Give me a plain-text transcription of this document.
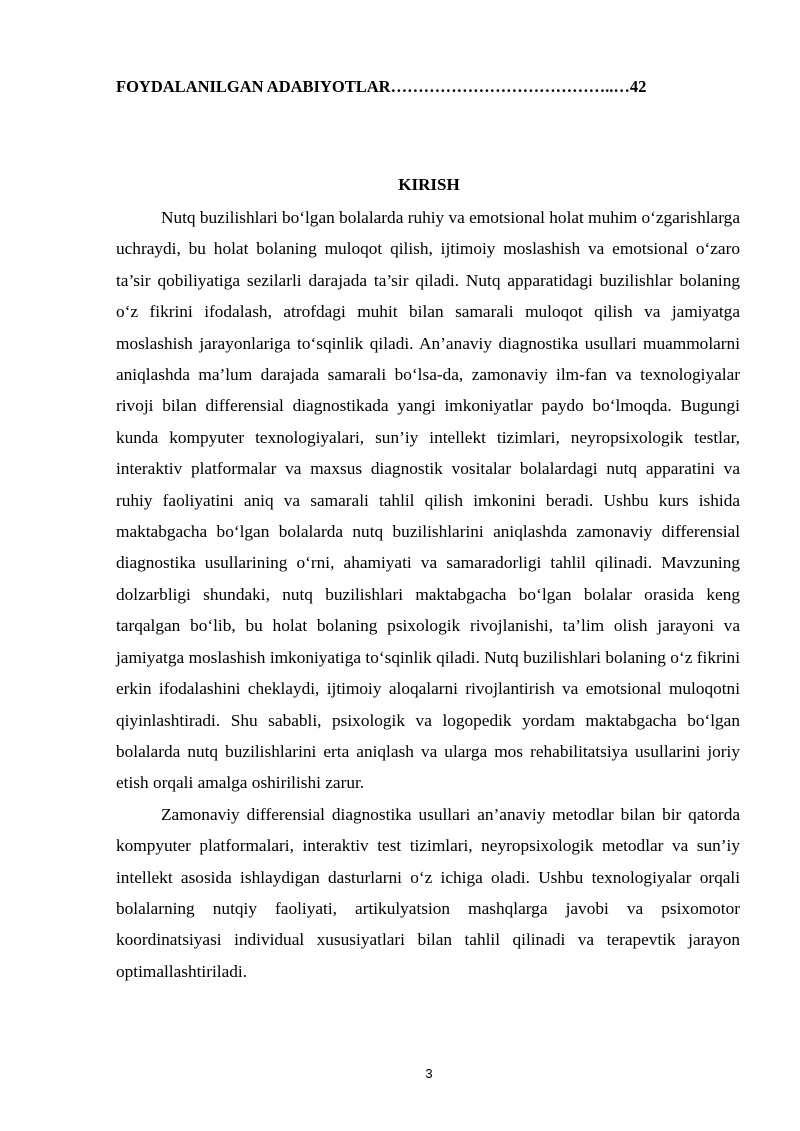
FOYDALANILGAN ADABIYOTLAR…………………………………..…42
KIRISH

Nutq buzilishlari bo‘lgan bolalarda ruhiy va emotsional holat muhim o‘zgarishlarga uchraydi, bu holat bolaning muloqot qilish, ijtimoiy moslashish va emotsional o‘zaro ta’sir qobiliyatiga sezilarli darajada ta’sir qiladi. Nutq apparatidagi buzilishlar bolaning o‘z fikrini ifodalash, atrofdagi muhit bilan samarali muloqot qilish va jamiyatga moslashish jarayonlariga to‘sqinlik qiladi. An’anaviy diagnostika usullari muammolarni aniqlashda ma’lum darajada samarali bo‘lsa-da, zamonaviy ilm-fan va texnologiyalar rivoji bilan differensial diagnostikada yangi imkoniyatlar paydo bo‘lmoqda. Bugungi kunda kompyuter texnologiyalari, sun’iy intellekt tizimlari, neyropsixologik testlar, interaktiv platformalar va maxsus diagnostik vositalar bolalardagi nutq apparatini va ruhiy faoliyatini aniq va samarali tahlil qilish imkonini beradi. Ushbu kurs ishida maktabgacha bo‘lgan bolalarda nutq buzilishlarini aniqlashda zamonaviy differensial diagnostika usullarining o‘rni, ahamiyati va samaradorligi tahlil qilinadi. Mavzuning dolzarbligi shundaki, nutq buzilishlari maktabgacha bo‘lgan bolalar orasida keng tarqalgan bo‘lib, bu holat bolaning psixologik rivojlanishi, ta’lim olish jarayoni va jamiyatga moslashish imkoniyatiga to‘sqinlik qiladi. Nutq buzilishlari bolaning o‘z fikrini erkin ifodalashini cheklaydi, ijtimoiy aloqalarni rivojlantirish va emotsional muloqotni qiyinlashtiradi. Shu sababli, psixologik va logopedik yordam maktabgacha bo‘lgan bolalarda nutq buzilishlarini erta aniqlash va ularga mos rehabilitatsiya usullarini joriy etish orqali amalga oshirilishi zarur.

Zamonaviy differensial diagnostika usullari an’anaviy metodlar bilan bir qatorda kompyuter platformalari, interaktiv test tizimlari, neyropsixologik metodlar va sun’iy intellekt asosida ishlaydigan dasturlarni o‘z ichiga oladi. Ushbu texnologiyalar orqali bolalarning nutqiy faoliyati, artikulyatsion mashqlarga javobi va psixomotor koordinatsiyasi individual xususiyatlari bilan tahlil qilinadi va terapevtik jarayon optimallashtiriladi.

3
